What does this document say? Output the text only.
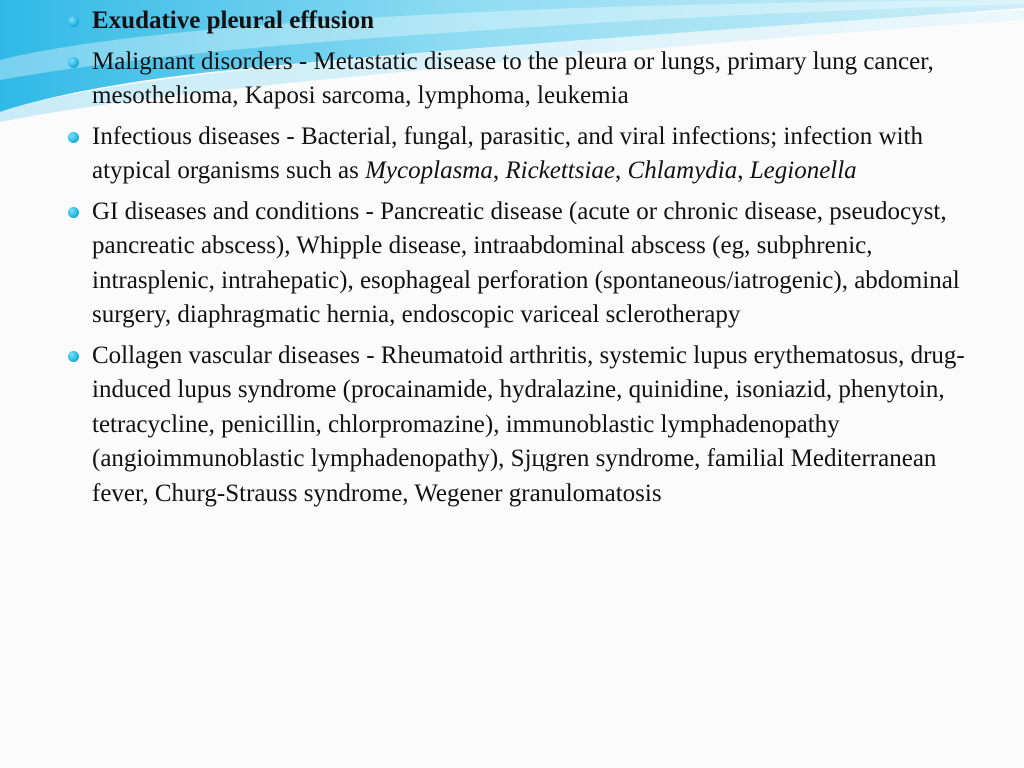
Exudative pleural effusion
Malignant disorders - Metastatic disease to the pleura or lungs, primary lung cancer, mesothelioma, Kaposi sarcoma, lymphoma, leukemia
Infectious diseases - Bacterial, fungal, parasitic, and viral infections; infection with atypical organisms such as Mycoplasma, Rickettsiae, Chlamydia, Legionella
GI diseases and conditions - Pancreatic disease (acute or chronic disease, pseudocyst, pancreatic abscess), Whipple disease, intraabdominal abscess (eg, subphrenic, intrasplenic, intrahepatic), esophageal perforation (spontaneous/iatrogenic), abdominal surgery, diaphragmatic hernia, endoscopic variceal sclerotherapy
Collagen vascular diseases - Rheumatoid arthritis, systemic lupus erythematosus, drug-induced lupus syndrome (procainamide, hydralazine, quinidine, isoniazid, phenytoin, tetracycline, penicillin, chlorpromazine), immunoblastic lymphadenopathy (angioimmunoblastic lymphadenopathy), Sjцgren syndrome, familial Mediterranean fever, Churg-Strauss syndrome, Wegener granulomatosis
